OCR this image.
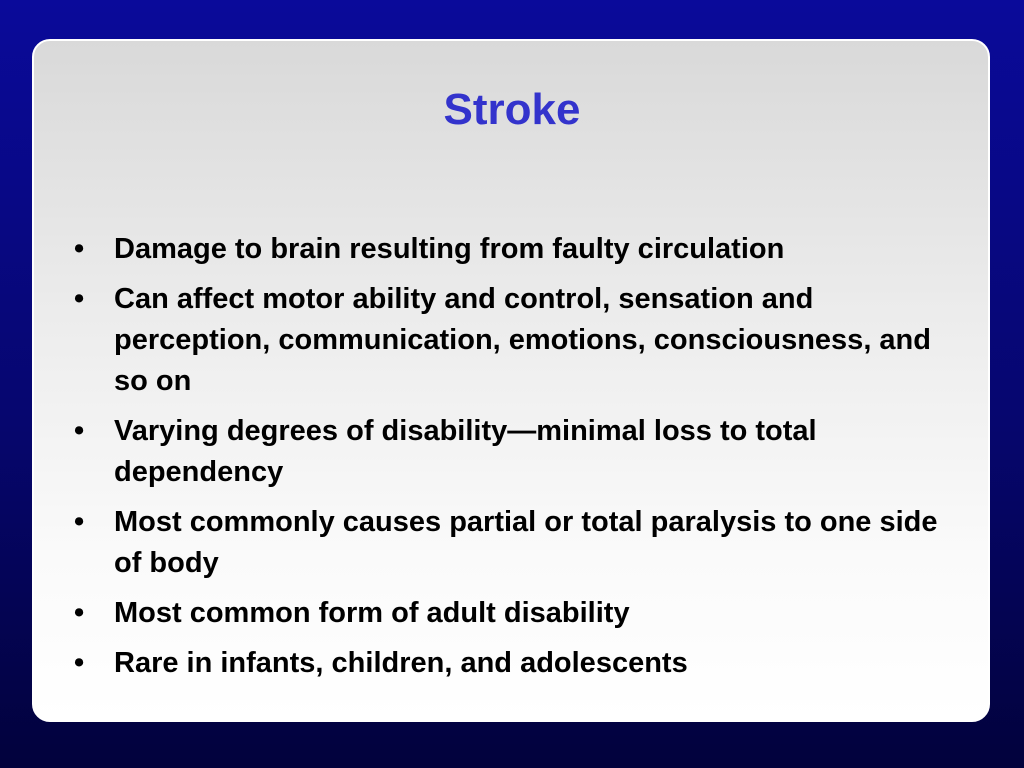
Stroke
•	Damage to brain resulting from faulty circulation
•	Can affect motor ability and control, sensation and perception, communication, emotions, consciousness, and so on
•	Varying degrees of disability—minimal loss to total dependency
•	Most commonly causes partial or total paralysis to one side of body
•	Most common form of adult disability
•	Rare in infants, children, and adolescents
